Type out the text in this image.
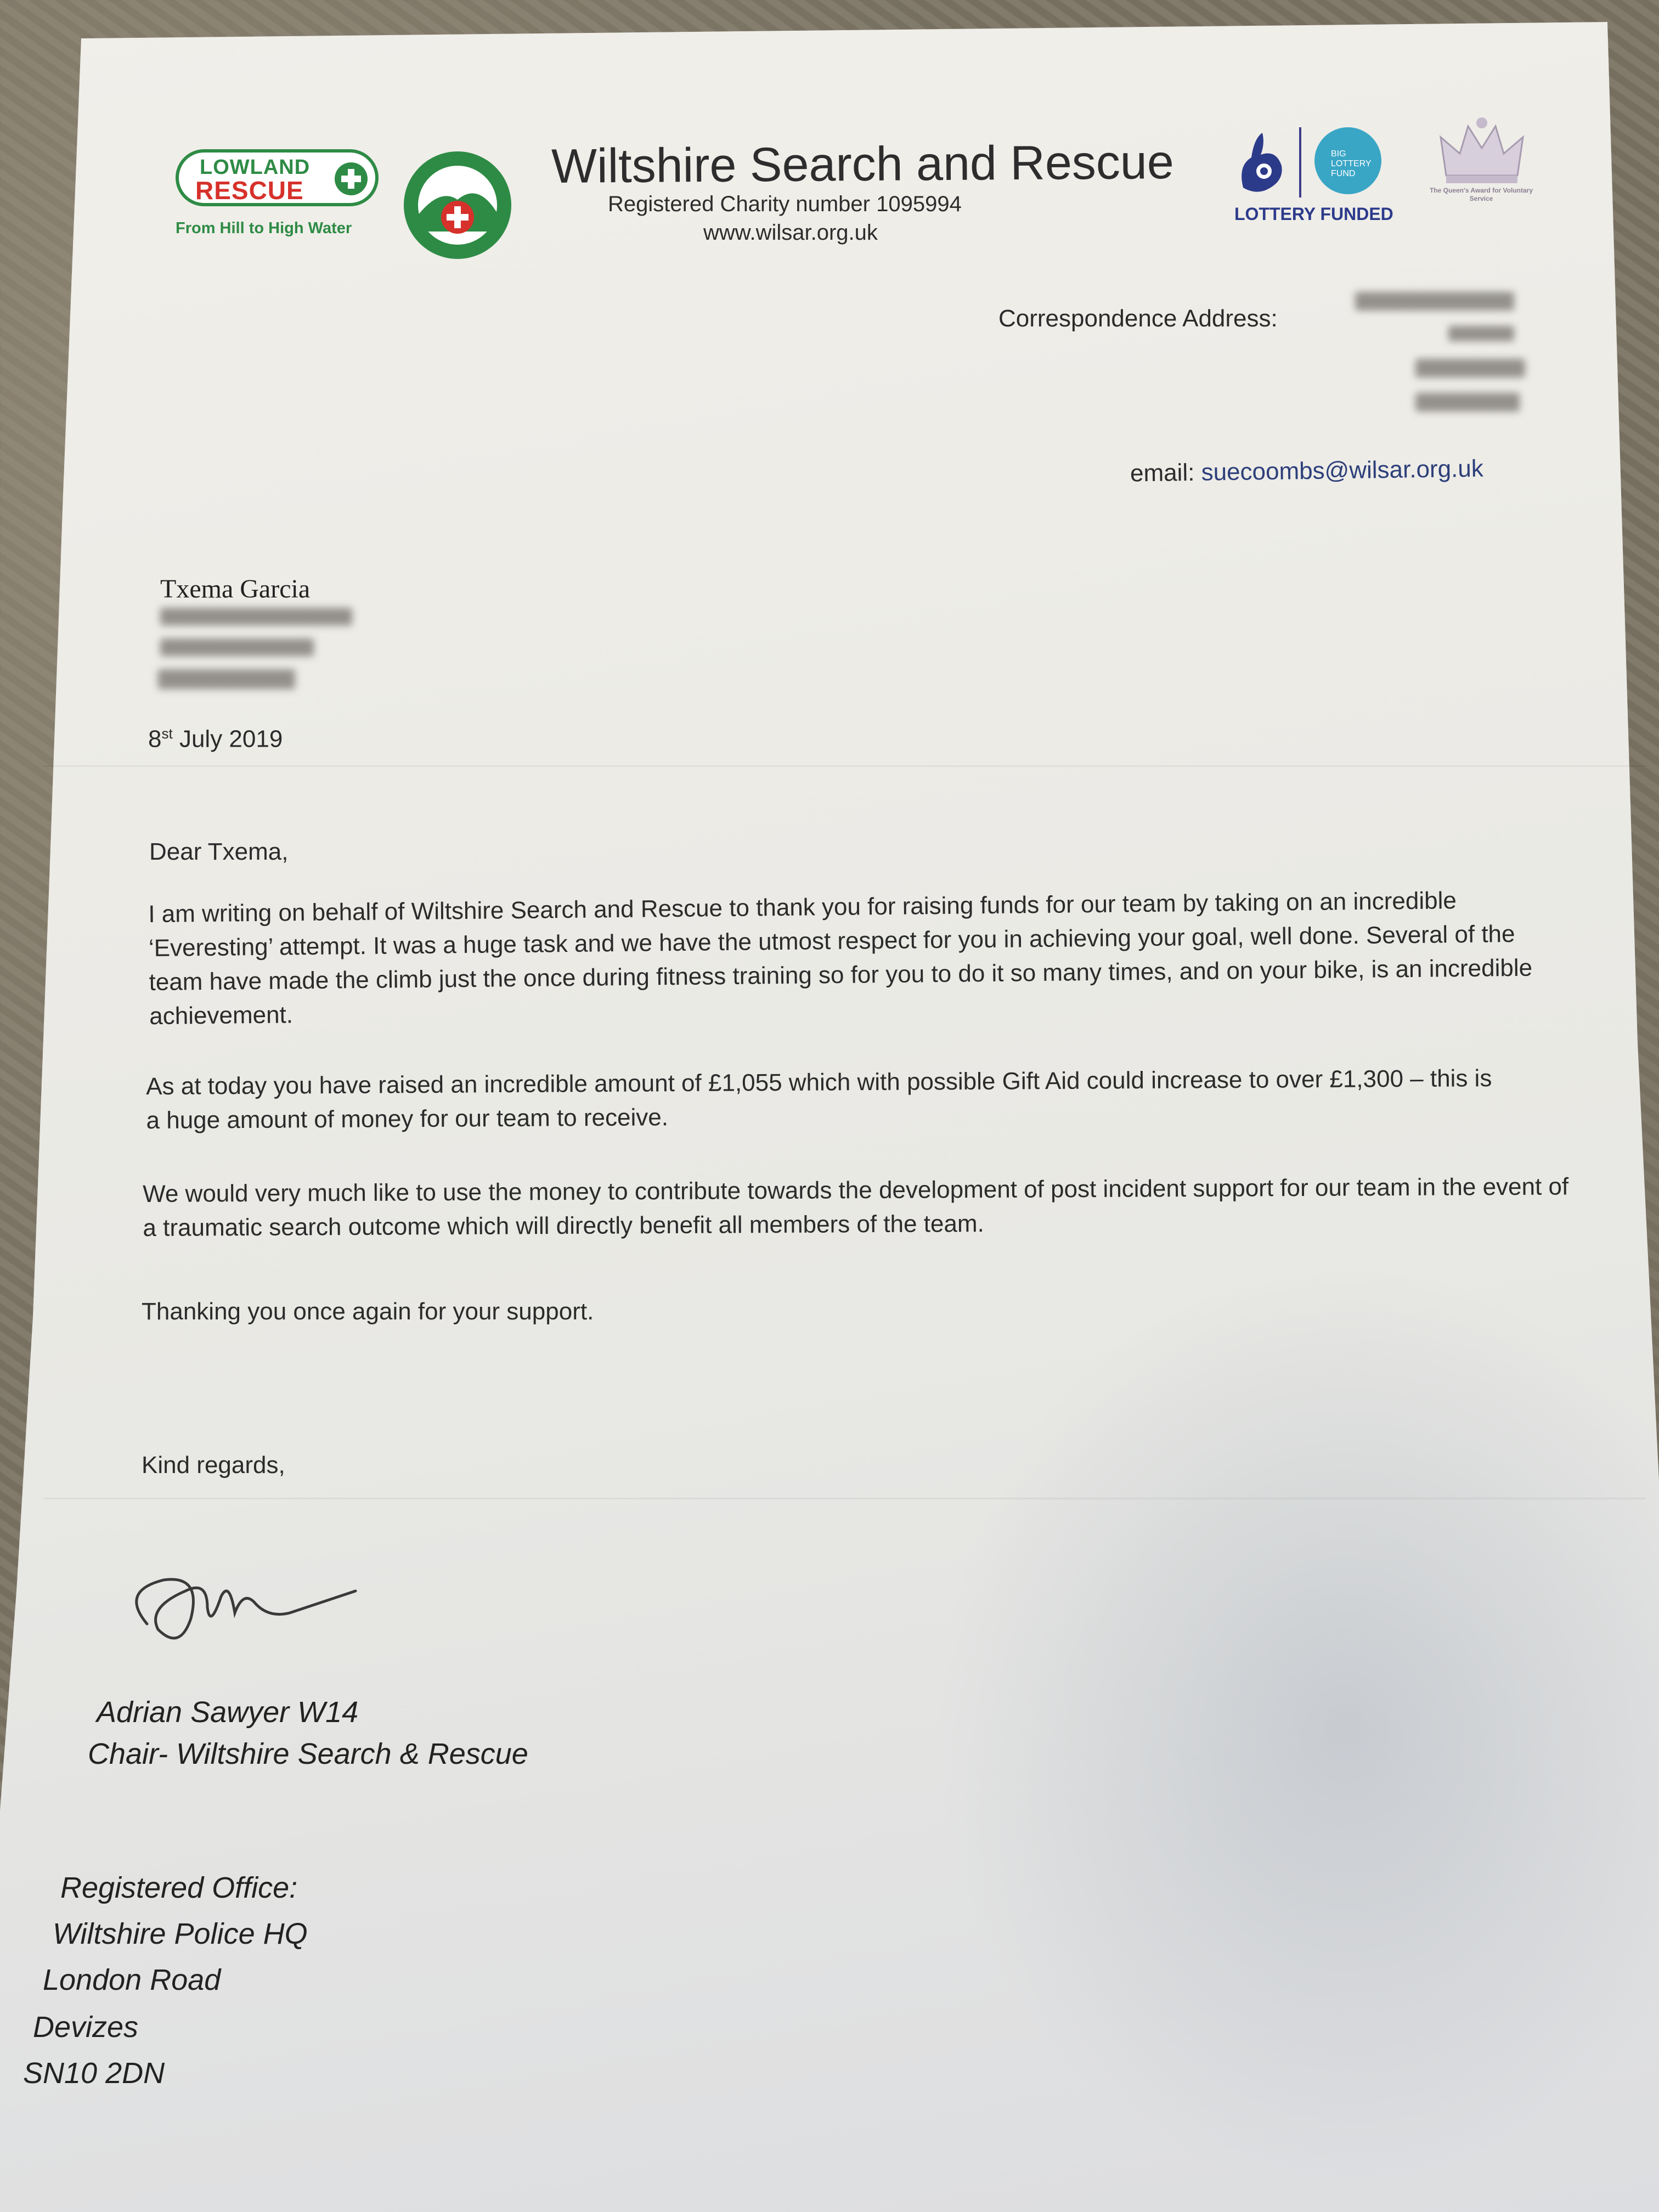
LOWLAND
RESCUE
From Hill to High Water
Wiltshire Search and Rescue
Registered Charity number 1095994
www.wilsar.org.uk
BIG LOTTERY FUND
LOTTERY FUNDED
The Queen's Award for Voluntary Service
Correspondence Address:
email: suecoombs@wilsar.org.uk
Txema Garcia
8st July 2019
Dear Txema,
I am writing on behalf of Wiltshire Search and Rescue to thank you for raising funds for our team by taking on an incredible ‘Everesting’ attempt. It was a huge task and we have the utmost respect for you in achieving your goal, well done. Several of the team have made the climb just the once during fitness training so for you to do it so many times, and on your bike, is an incredible achievement.
As at today you have raised an incredible amount of £1,055 which with possible Gift Aid could increase to over £1,300 – this is a huge amount of money for our team to receive.
We would very much like to use the money to contribute towards the development of post incident support for our team in the event of a traumatic search outcome which will directly benefit all members of the team.
Thanking you once again for your support.
Kind regards,
Adrian Sawyer W14
Chair- Wiltshire Search & Rescue
Registered Office:
Wiltshire Police HQ
London Road
Devizes
SN10 2DN
